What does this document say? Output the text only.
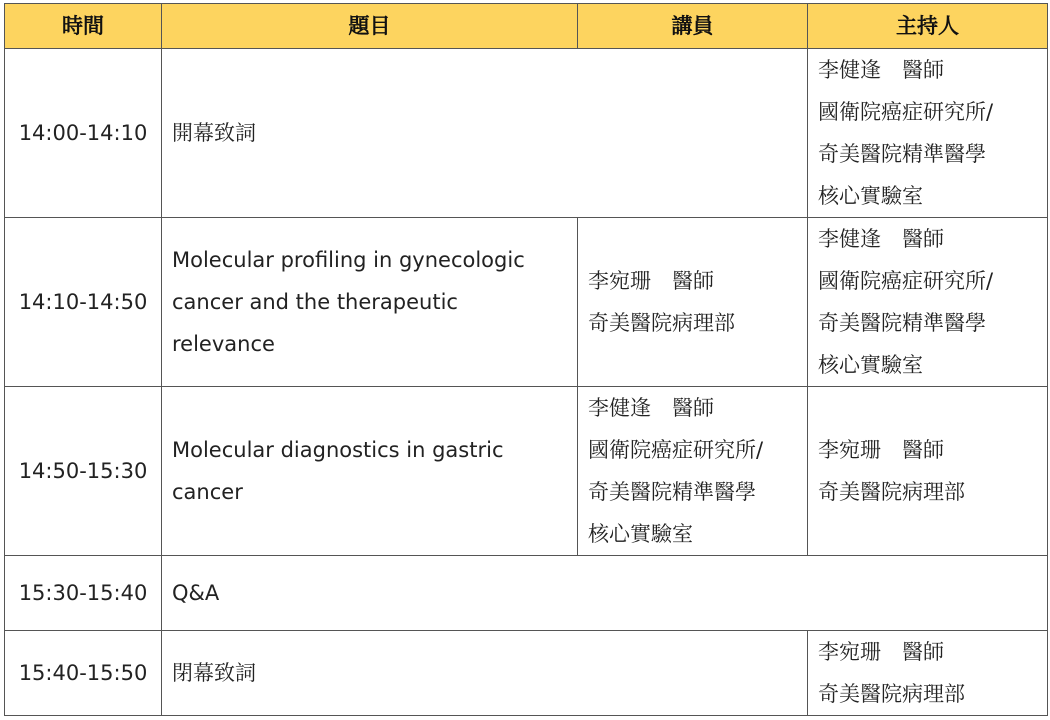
時間	題目	講員	主持人
14:00-14:10	開幕致詞		李健逢　醫師
國衛院癌症研究所/
奇美醫院精準醫學
核心實驗室

14:10-14:50	Molecular profiling in gynecologic cancer and the therapeutic relevance	李宛珊　醫師
奇美醫院病理部	李健逢　醫師
國衛院癌症研究所/
奇美醫院精準醫學
核心實驗室

14:50-15:30	Molecular diagnostics in gastric cancer	李健逢　醫師
國衛院癌症研究所/
奇美醫院精準醫學
核心實驗室	李宛珊　醫師
奇美醫院病理部

15:30-15:40	Q&A		
15:40-15:50	閉幕致詞		李宛珊　醫師
奇美醫院病理部
